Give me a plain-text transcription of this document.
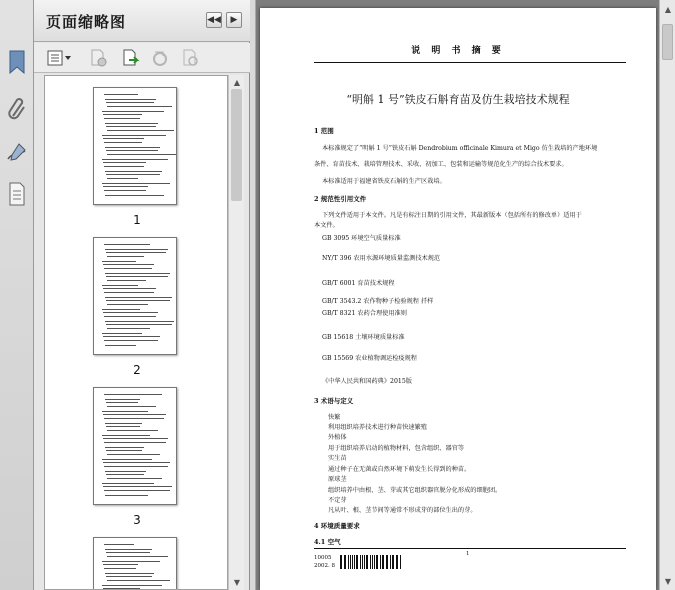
页面缩略图	◀◀ ▶
1
2
3
▲
▼
说 明 书 摘 要
“明斛 1 号”铁皮石斛育苗及仿生栽培技术规程
1 范围
本标准规定了“明斛 1 号”铁皮石斛 Dendrobium officinale Kimura et Migo 仿生栽培的产地环境
条件、育苗技术、栽培管理技术、采收、初加工、包装和运输等规范化生产的综合技术要求。
本标准适用于福建省铁皮石斛的生产区栽培。
2 规范性引用文件
下列文件适用于本文件。凡是有标注日期的引用文件，其最新版本（包括所有的修改单）适用于
本文件。
GB 3095 环境空气质量标准
NY/T 396 农用水源环境质量监测技术规范
GB/T 6001 育苗技术规程
GB/T 3543.2 农作物种子检验规程 扦样
GB/T 8321 农药合理使用准则
GB 15618 土壤环境质量标准
GB 15569 农业植物调运检疫规程
《中华人民共和国药典》2015版
3 术语与定义
快繁
利用组织培养技术进行种苗快速繁殖
外植体
用于组织培养启动的植物材料，包含组织、器官等
实生苗
通过种子在无菌或自然环境下萌发生长得到的种苗。
原球茎
组织培养中由根、茎、芽或其它组织器官脱分化形成的细胞团。
不定芽
凡从叶、根、茎节间等通常不形成芽的部位生出的芽。
4 环境质量要求
4.1 空气
1
10005
2002. 8
▲
▼
